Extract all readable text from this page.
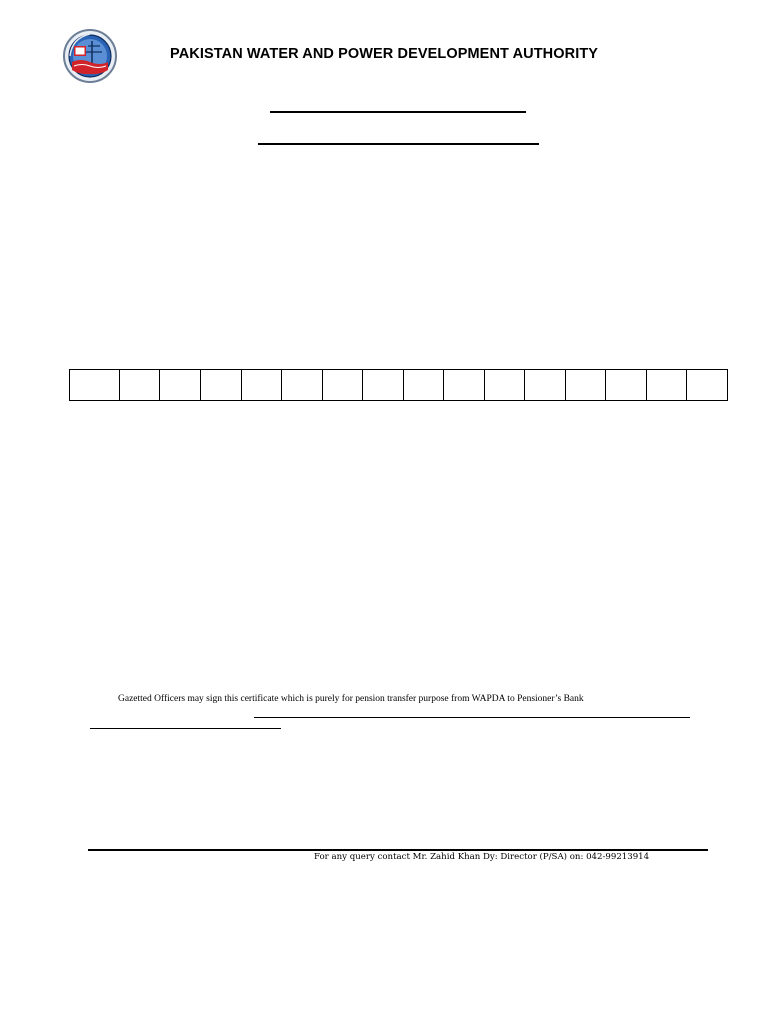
PAKISTAN WATER AND POWER DEVELOPMENT AUTHORITY
Gazetted Officers may sign this certificate which is purely for pension transfer purpose from WAPDA to Pensioner’s Bank
For any query contact Mr. Zahid Khan Dy: Director (P/SA) on: 042-99213914
